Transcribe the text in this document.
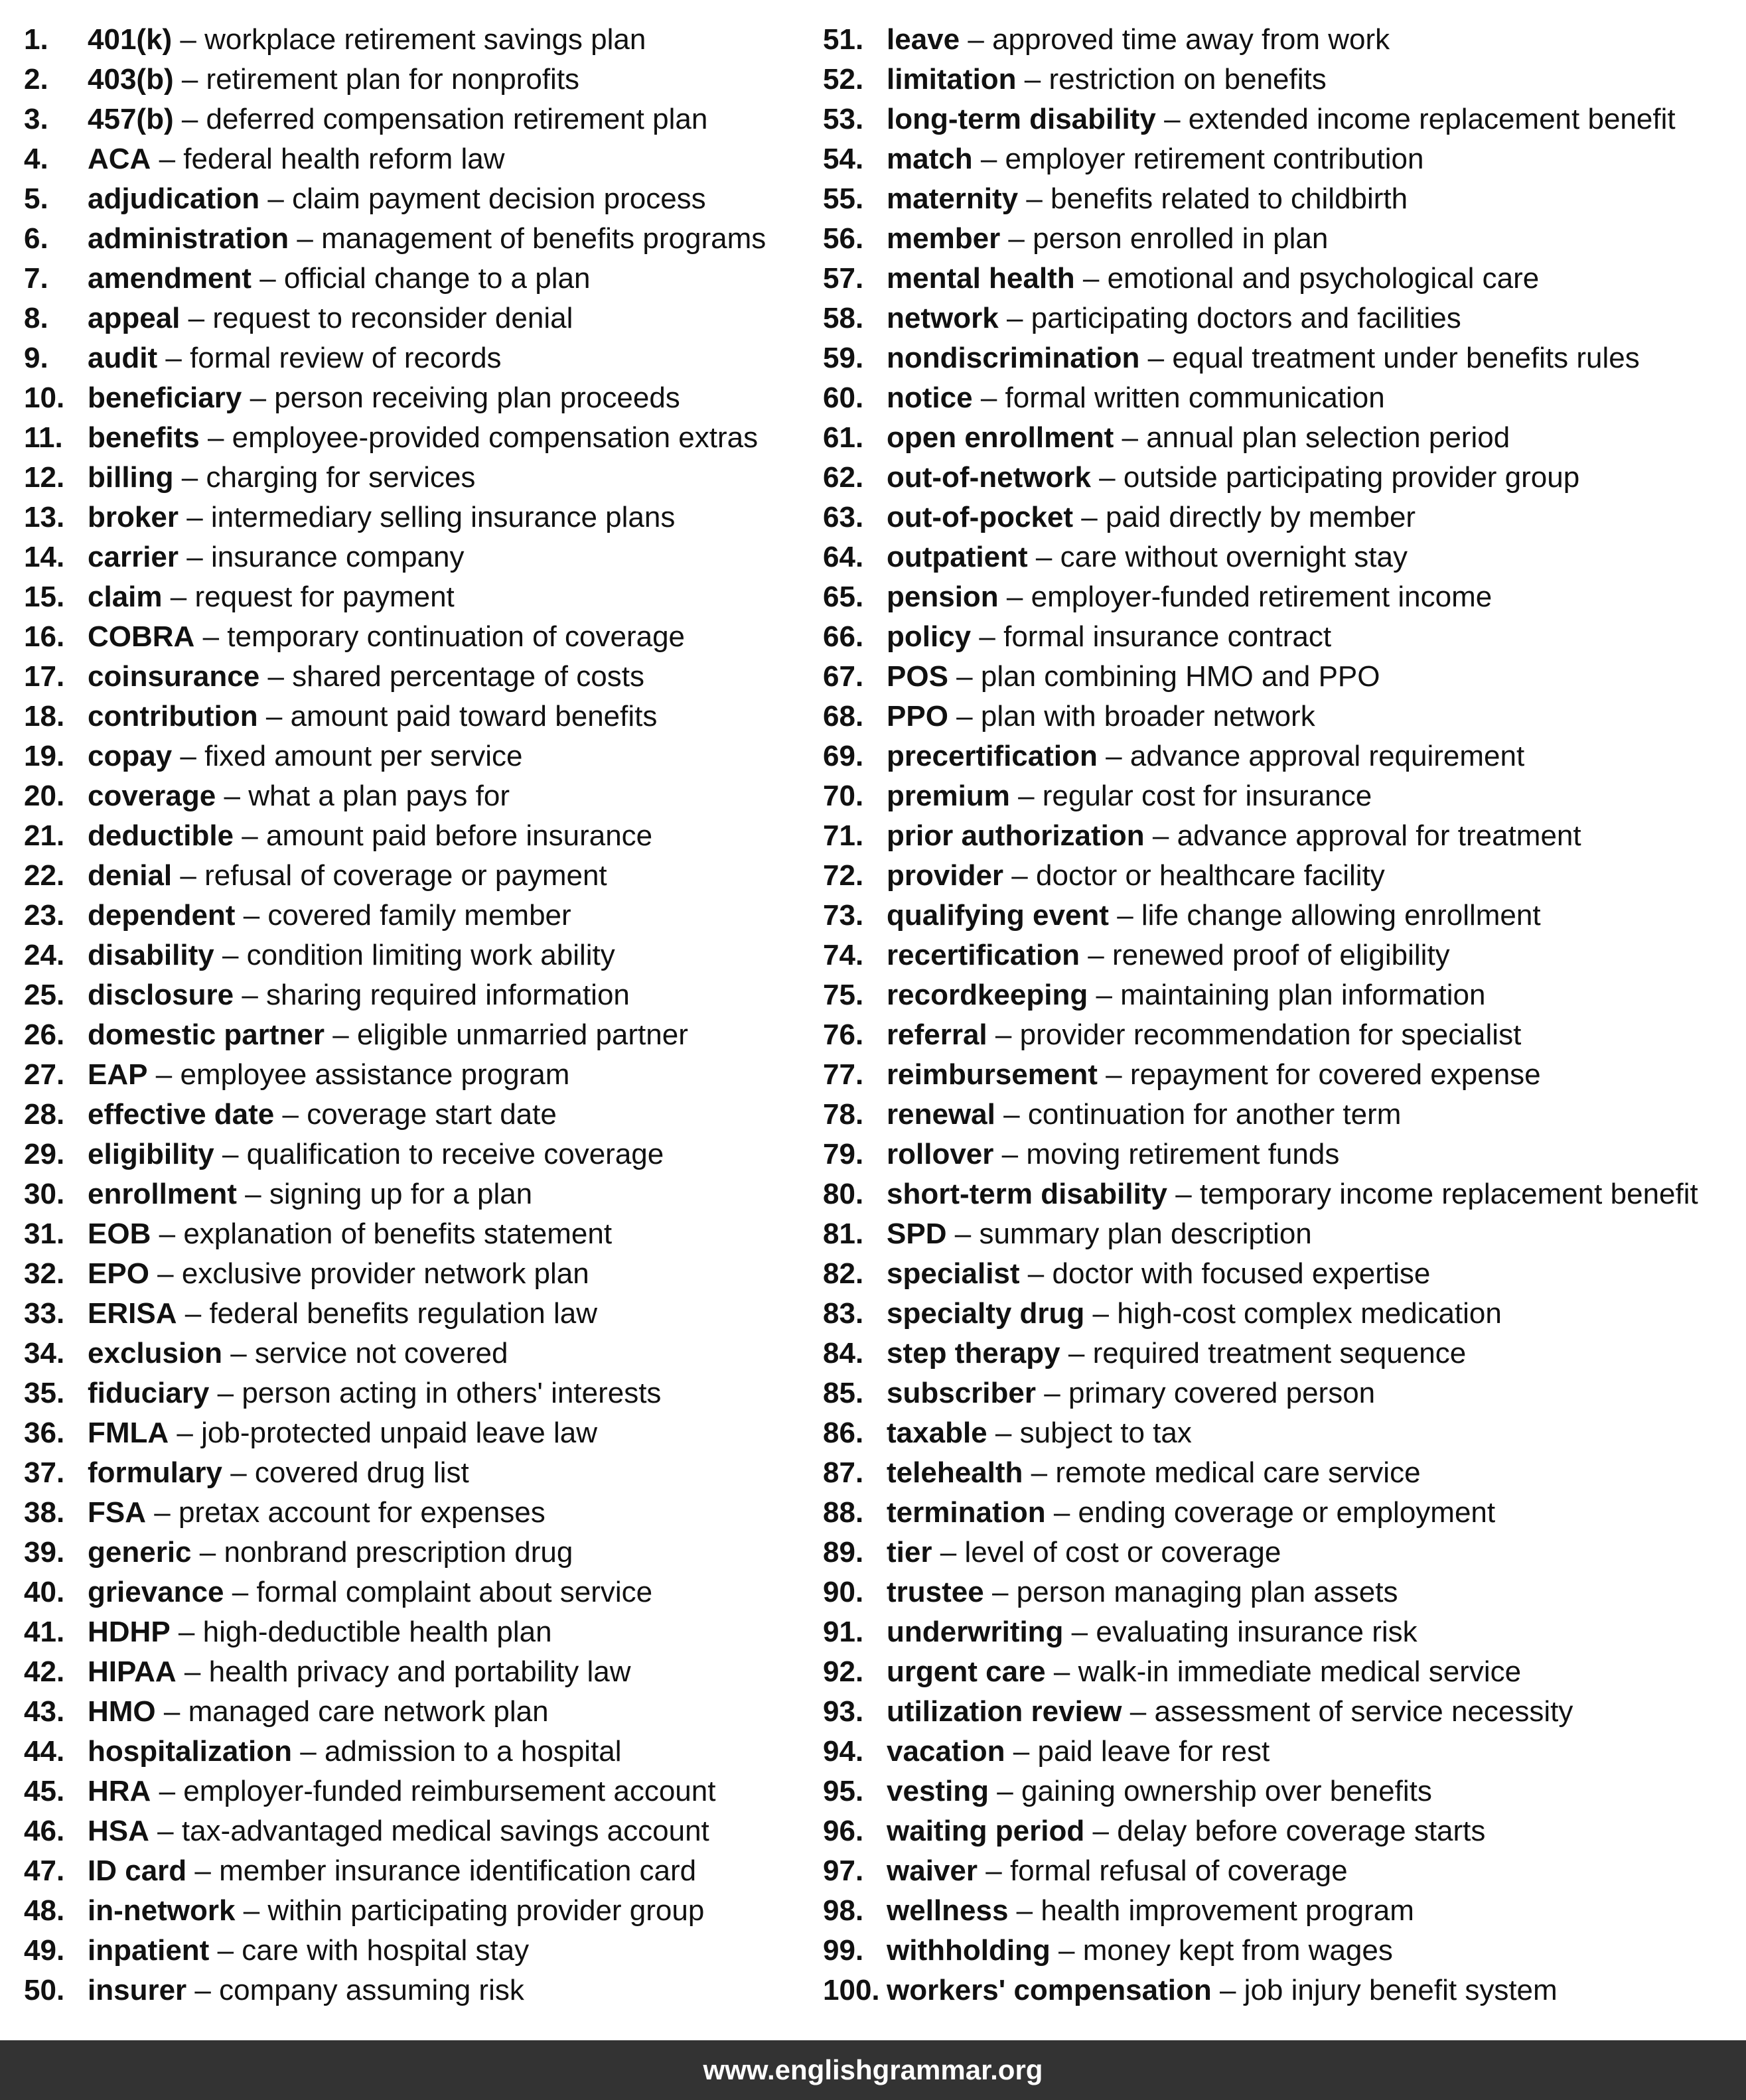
1.	401(k) – workplace retirement savings plan
2.	403(b) – retirement plan for nonprofits
3.	457(b) – deferred compensation retirement plan
4.	ACA – federal health reform law
5.	adjudication – claim payment decision process
6.	administration – management of benefits programs
7.	amendment – official change to a plan
8.	appeal – request to reconsider denial
9.	audit – formal review of records
10. beneficiary – person receiving plan proceeds
11. benefits – employee-provided compensation extras
12. billing – charging for services
13. broker – intermediary selling insurance plans
14. carrier – insurance company
15. claim – request for payment
16. COBRA – temporary continuation of coverage
17. coinsurance – shared percentage of costs
18. contribution – amount paid toward benefits
19. copay – fixed amount per service
20. coverage – what a plan pays for
21. deductible – amount paid before insurance
22. denial – refusal of coverage or payment
23. dependent – covered family member
24. disability – condition limiting work ability
25. disclosure – sharing required information
26. domestic partner – eligible unmarried partner
27. EAP – employee assistance program
28. effective date – coverage start date
29. eligibility – qualification to receive coverage
30. enrollment – signing up for a plan
31. EOB – explanation of benefits statement
32. EPO – exclusive provider network plan
33. ERISA – federal benefits regulation law
34. exclusion – service not covered
35. fiduciary – person acting in others' interests
36. FMLA – job-protected unpaid leave law
37. formulary – covered drug list
38. FSA – pretax account for expenses
39. generic – nonbrand prescription drug
40. grievance – formal complaint about service
41. HDHP – high-deductible health plan
42. HIPAA – health privacy and portability law
43. HMO – managed care network plan
44. hospitalization – admission to a hospital
45. HRA – employer-funded reimbursement account
46. HSA – tax-advantaged medical savings account
47. ID card – member insurance identification card
48. in-network – within participating provider group
49. inpatient – care with hospital stay
50. insurer – company assuming risk
51. leave – approved time away from work
52. limitation – restriction on benefits
53. long-term disability – extended income replacement benefit
54. match – employer retirement contribution
55. maternity – benefits related to childbirth
56. member – person enrolled in plan
57. mental health – emotional and psychological care
58. network – participating doctors and facilities
59. nondiscrimination – equal treatment under benefits rules
60. notice – formal written communication
61. open enrollment – annual plan selection period
62. out-of-network – outside participating provider group
63. out-of-pocket – paid directly by member
64. outpatient – care without overnight stay
65. pension – employer-funded retirement income
66. policy – formal insurance contract
67. POS – plan combining HMO and PPO
68. PPO – plan with broader network
69. precertification – advance approval requirement
70. premium – regular cost for insurance
71. prior authorization – advance approval for treatment
72. provider – doctor or healthcare facility
73. qualifying event – life change allowing enrollment
74. recertification – renewed proof of eligibility
75. recordkeeping – maintaining plan information
76. referral – provider recommendation for specialist
77. reimbursement – repayment for covered expense
78. renewal – continuation for another term
79. rollover – moving retirement funds
80. short-term disability – temporary income replacement benefit
81. SPD – summary plan description
82. specialist – doctor with focused expertise
83. specialty drug – high-cost complex medication
84. step therapy – required treatment sequence
85. subscriber – primary covered person
86. taxable – subject to tax
87. telehealth – remote medical care service
88. termination – ending coverage or employment
89. tier – level of cost or coverage
90. trustee – person managing plan assets
91. underwriting – evaluating insurance risk
92. urgent care – walk-in immediate medical service
93. utilization review – assessment of service necessity
94. vacation – paid leave for rest
95. vesting – gaining ownership over benefits
96. waiting period – delay before coverage starts
97. waiver – formal refusal of coverage
98. wellness – health improvement program
99. withholding – money kept from wages
100. workers' compensation – job injury benefit system
www.englishgrammar.org
